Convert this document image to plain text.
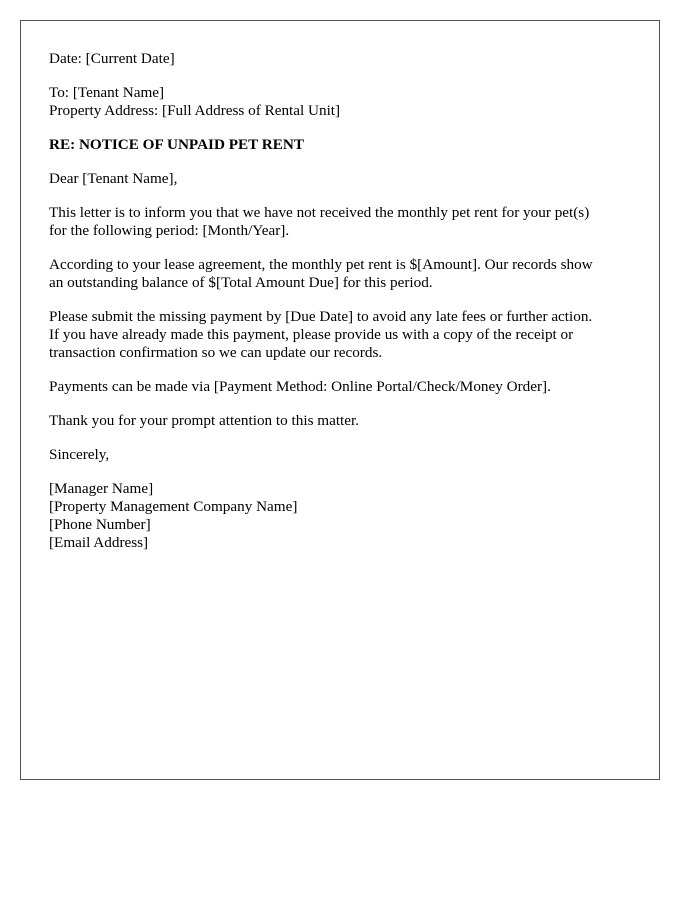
Date: [Current Date]

To: [Tenant Name]
Property Address: [Full Address of Rental Unit]

RE: NOTICE OF UNPAID PET RENT

Dear [Tenant Name],

This letter is to inform you that we have not received the monthly pet rent for your pet(s)
for the following period: [Month/Year].

According to your lease agreement, the monthly pet rent is $[Amount]. Our records show
an outstanding balance of $[Total Amount Due] for this period.

Please submit the missing payment by [Due Date] to avoid any late fees or further action.
If you have already made this payment, please provide us with a copy of the receipt or
transaction confirmation so we can update our records.

Payments can be made via [Payment Method: Online Portal/Check/Money Order].

Thank you for your prompt attention to this matter.

Sincerely,

[Manager Name]
[Property Management Company Name]
[Phone Number]
[Email Address]
